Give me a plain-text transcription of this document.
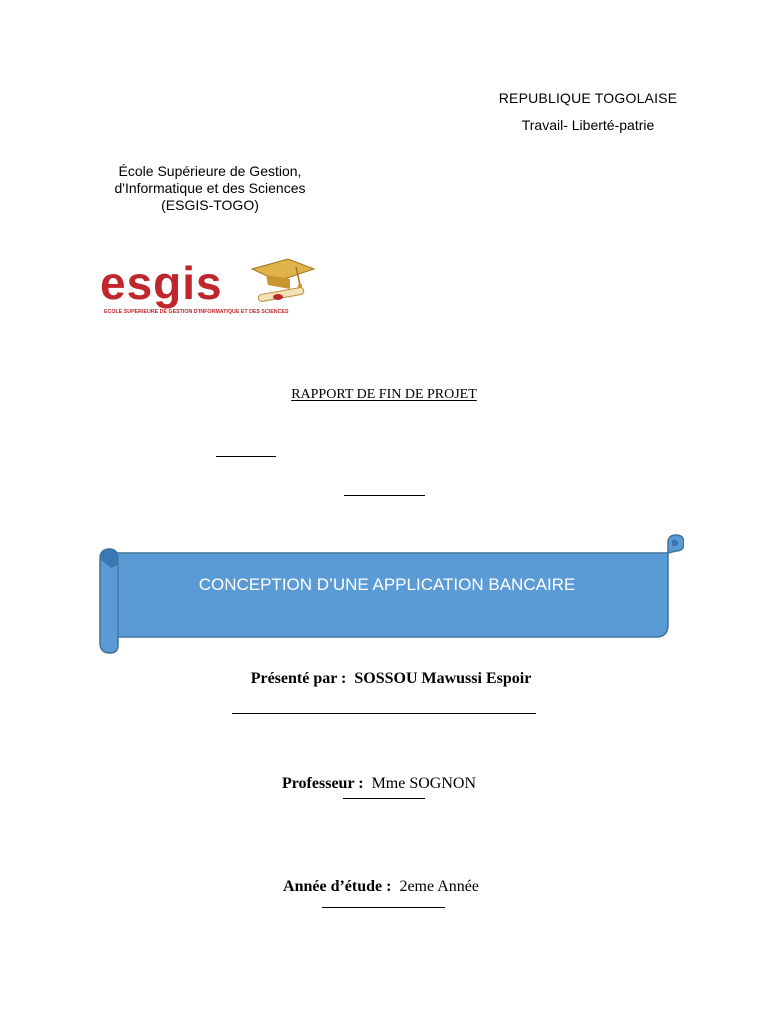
REPUBLIQUE TOGOLAISE
Travail- Liberté-patrie
École Supérieure de Gestion,
d'Informatique et des Sciences
(ESGIS-TOGO)
esgis
ECOLE SUPERIEURE DE GESTION D'INFORMATIQUE ET DES SCIENCES
RAPPORT DE FIN DE PROJET
CONCEPTION D’UNE APPLICATION BANCAIRE
Présenté par : SOSSOU Mawussi Espoir
Professeur : Mme SOGNON
Année d’étude : 2eme Année
